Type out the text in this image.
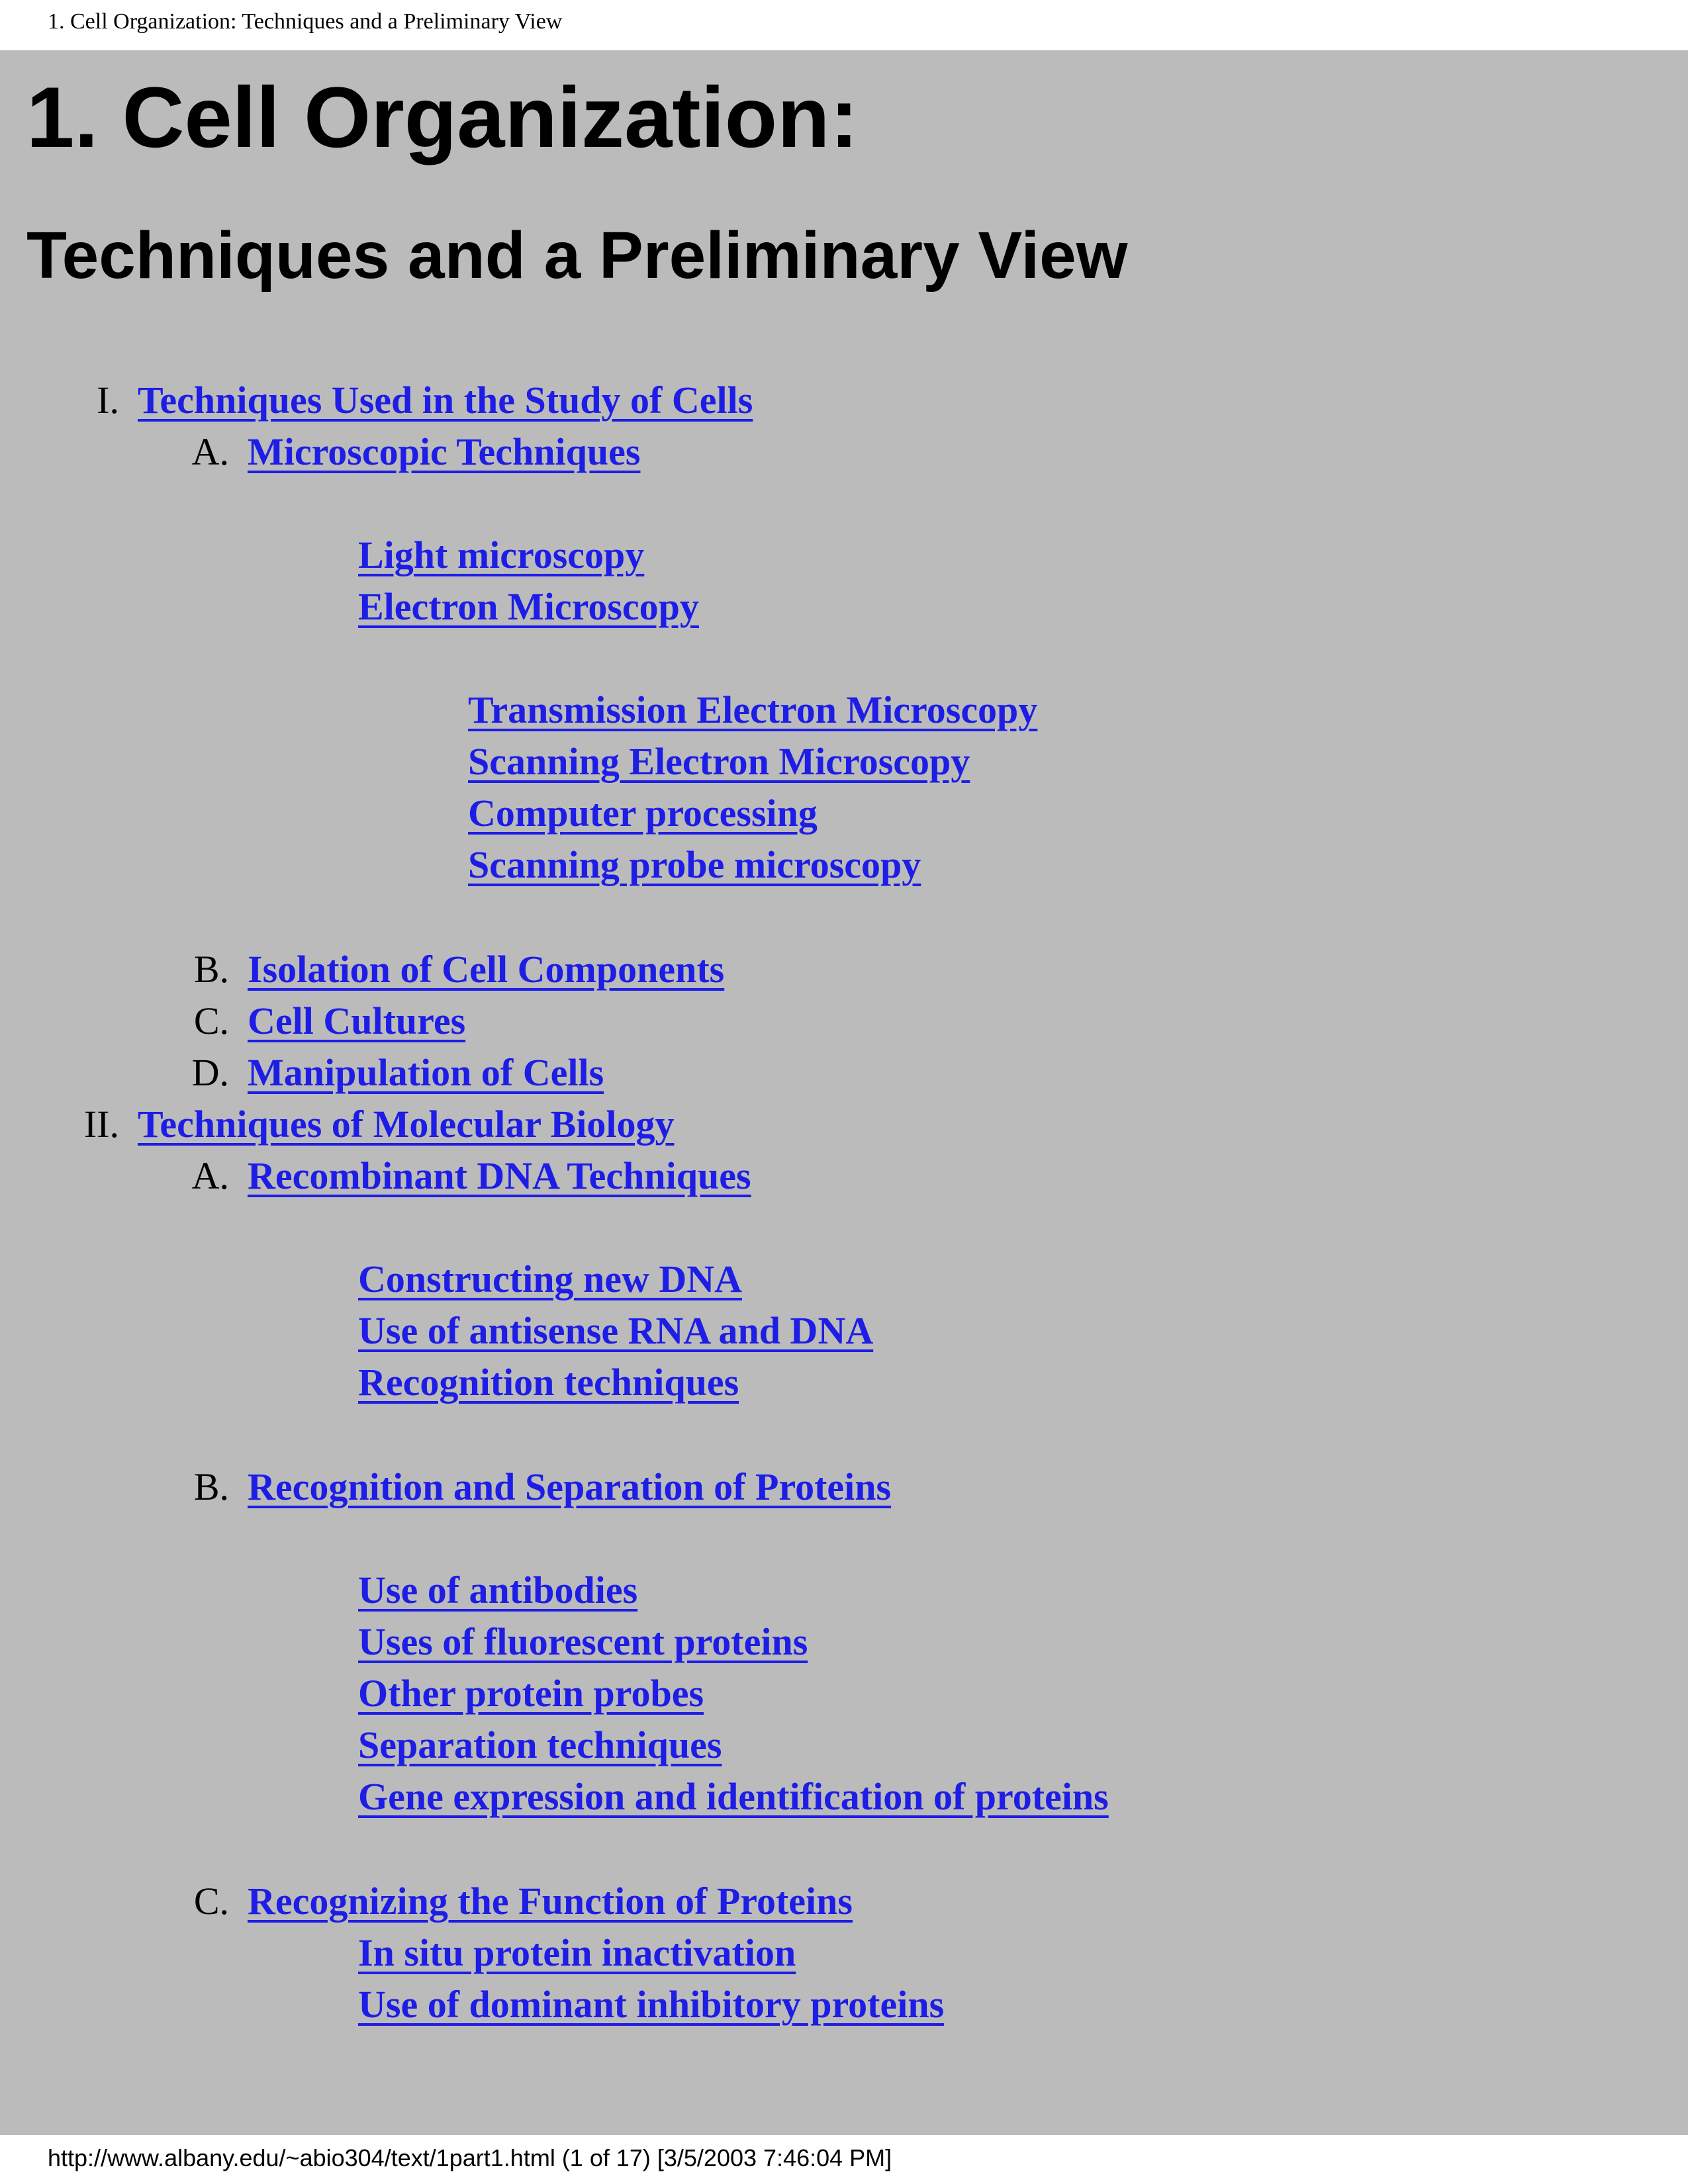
1. Cell Organization: Techniques and a Preliminary View
1. Cell Organization:
Techniques and a Preliminary View
I. Techniques Used in the Study of Cells
A. Microscopic Techniques
Light microscopy
Electron Microscopy
Transmission Electron Microscopy
Scanning Electron Microscopy
Computer processing
Scanning probe microscopy
B. Isolation of Cell Components
C. Cell Cultures
D. Manipulation of Cells
II. Techniques of Molecular Biology
A. Recombinant DNA Techniques
Constructing new DNA
Use of antisense RNA and DNA
Recognition techniques
B. Recognition and Separation of Proteins
Use of antibodies
Uses of fluorescent proteins
Other protein probes
Separation techniques
Gene expression and identification of proteins
C. Recognizing the Function of Proteins
In situ protein inactivation
Use of dominant inhibitory proteins
http://www.albany.edu/~abio304/text/1part1.html (1 of 17) [3/5/2003 7:46:04 PM]
